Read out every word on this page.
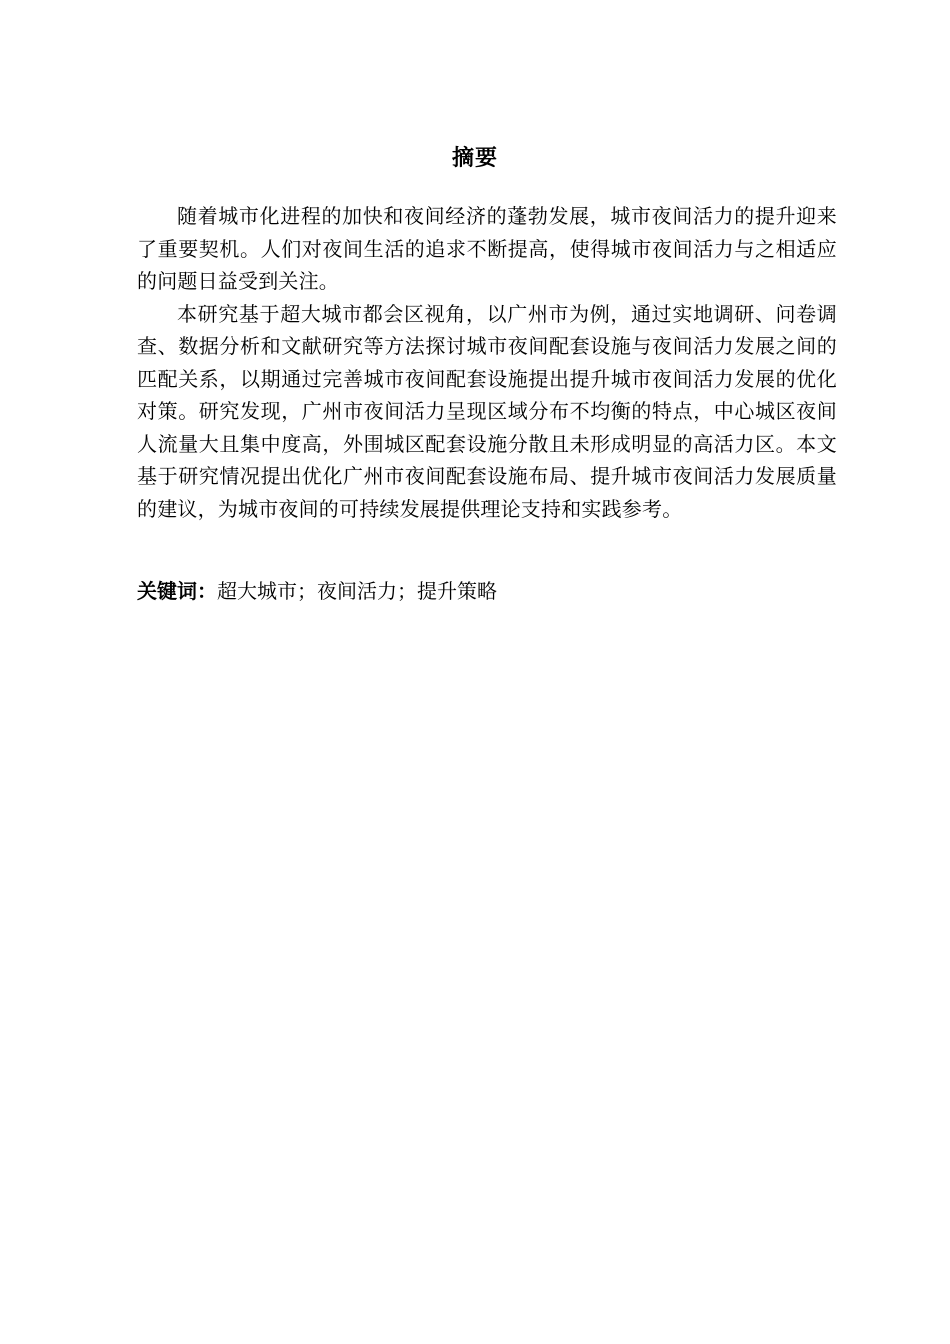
摘要

随着城市化进程的加快和夜间经济的蓬勃发展，城市夜间活力的提升迎来了重要契机。人们对夜间生活的追求不断提高，使得城市夜间活力与之相适应的问题日益受到关注。

本研究基于超大城市都会区视角，以广州市为例，通过实地调研、问卷调查、数据分析和文献研究等方法探讨城市夜间配套设施与夜间活力发展之间的匹配关系，以期通过完善城市夜间配套设施提出提升城市夜间活力发展的优化对策。研究发现，广州市夜间活力呈现区域分布不均衡的特点，中心城区夜间人流量大且集中度高，外围城区配套设施分散且未形成明显的高活力区。本文基于研究情况提出优化广州市夜间配套设施布局、提升城市夜间活力发展质量的建议，为城市夜间的可持续发展提供理论支持和实践参考。

关键词：超大城市；夜间活力；提升策略
